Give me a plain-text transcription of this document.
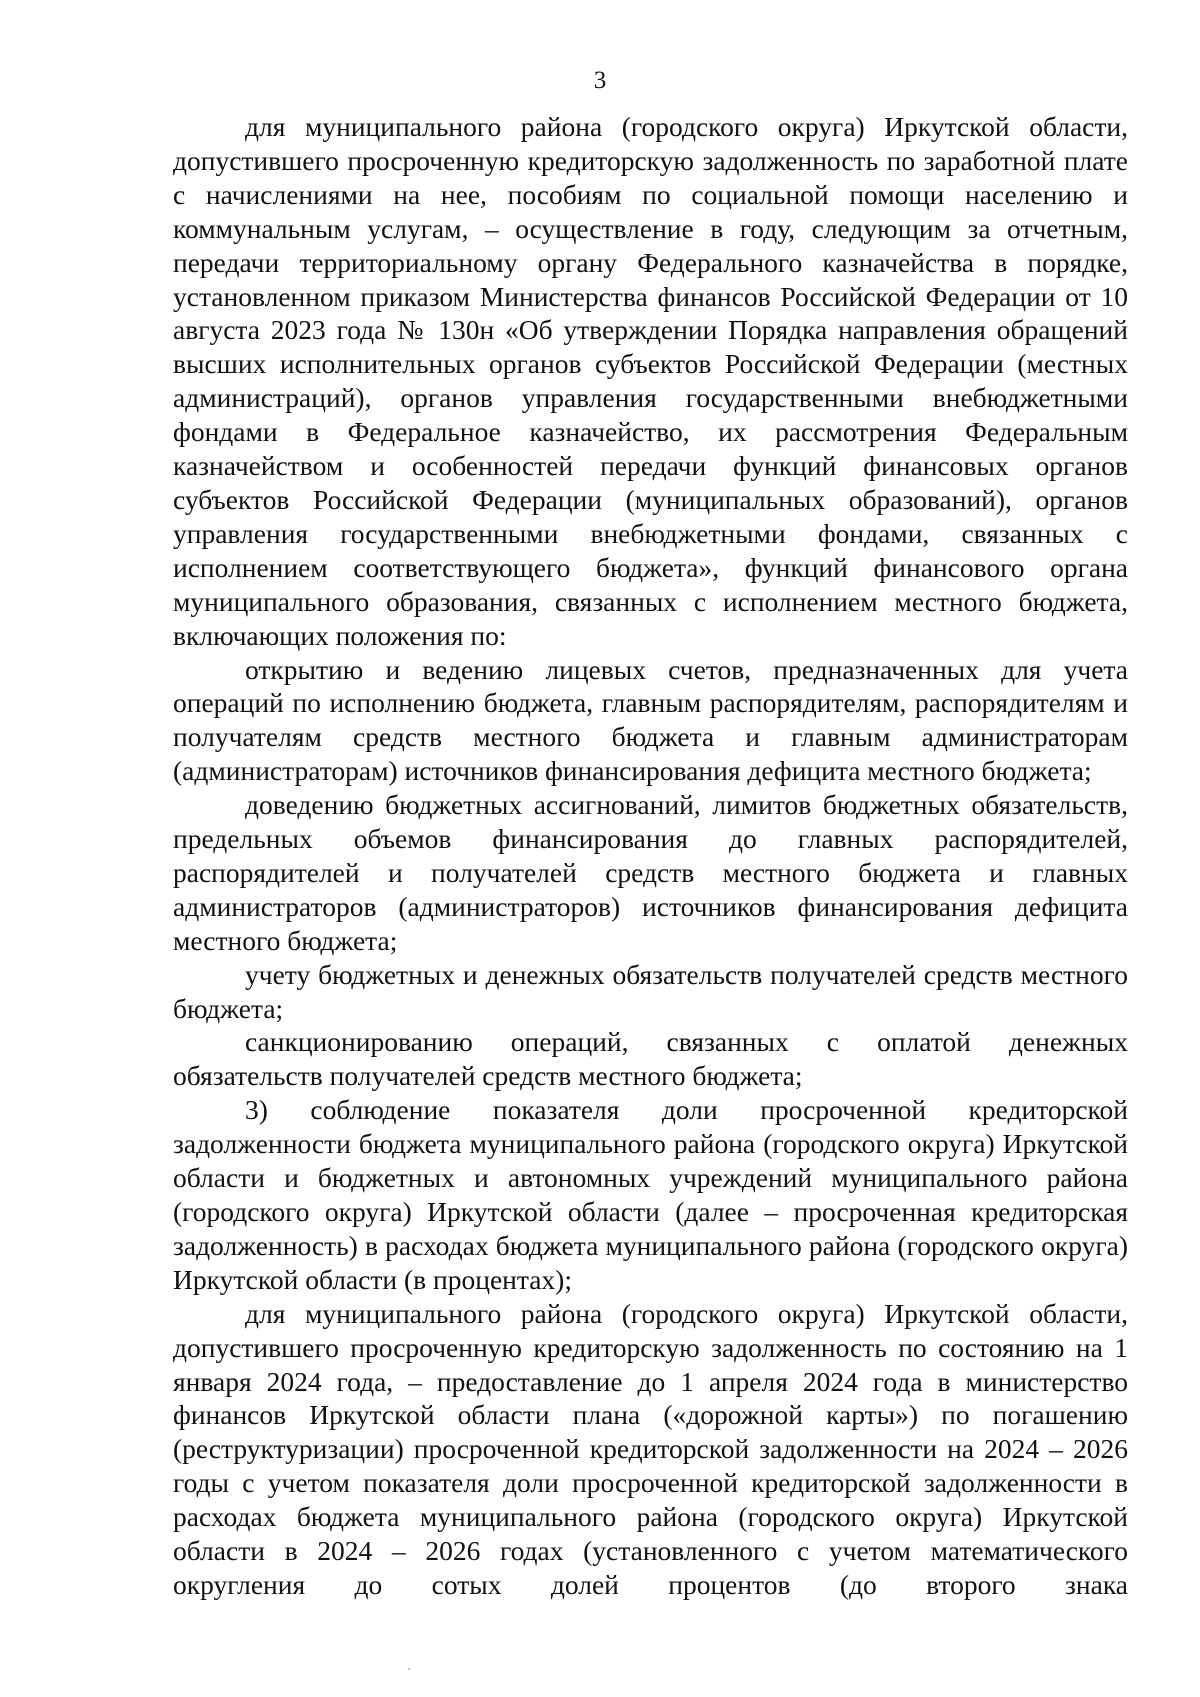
3

для муниципального района (городского округа) Иркутской области, допустившего просроченную кредиторскую задолженность по заработной плате с начислениями на нее, пособиям по социальной помощи населению и коммунальным услугам, – осуществление в году, следующим за отчетным, передачи территориальному органу Федерального казначейства в порядке, установленном приказом Министерства финансов Российской Федерации от 10 августа 2023 года № 130н «Об утверждении Порядка направления обращений высших исполнительных органов субъектов Российской Федерации (местных администраций), органов управления государственными внебюджетными фондами в Федеральное казначейство, их рассмотрения Федеральным казначейством и особенностей передачи функций финансовых органов субъектов Российской Федерации (муниципальных образований), органов управления государственными внебюджетными фондами, связанных с исполнением соответствующего бюджета», функций финансового органа муниципального образования, связанных с исполнением местного бюджета, включающих положения по:

открытию и ведению лицевых счетов, предназначенных для учета операций по исполнению бюджета, главным распорядителям, распорядителям и получателям средств местного бюджета и главным администраторам (администраторам) источников финансирования дефицита местного бюджета;

доведению бюджетных ассигнований, лимитов бюджетных обязательств, предельных объемов финансирования до главных распорядителей, распорядителей и получателей средств местного бюджета и главных администраторов (администраторов) источников финансирования дефицита местного бюджета;

учету бюджетных и денежных обязательств получателей средств местного бюджета;

санкционированию операций, связанных с оплатой денежных обязательств получателей средств местного бюджета;

3) соблюдение показателя доли просроченной кредиторской задолженности бюджета муниципального района (городского округа) Иркутской области и бюджетных и автономных учреждений муниципального района (городского округа) Иркутской области (далее – просроченная кредиторская задолженность) в расходах бюджета муниципального района (городского округа) Иркутской области (в процентах);

для муниципального района (городского округа) Иркутской области, допустившего просроченную кредиторскую задолженность по состоянию на 1 января 2024 года, – предоставление до 1 апреля 2024 года в министерство финансов Иркутской области плана («дорожной карты») по погашению (реструктуризации) просроченной кредиторской задолженности на 2024 – 2026 годы с учетом показателя доли просроченной кредиторской задолженности в расходах бюджета муниципального района (городского округа) Иркутской области в 2024 – 2026 годах (установленного с учетом математического округления до сотых долей процентов (до второго знака
